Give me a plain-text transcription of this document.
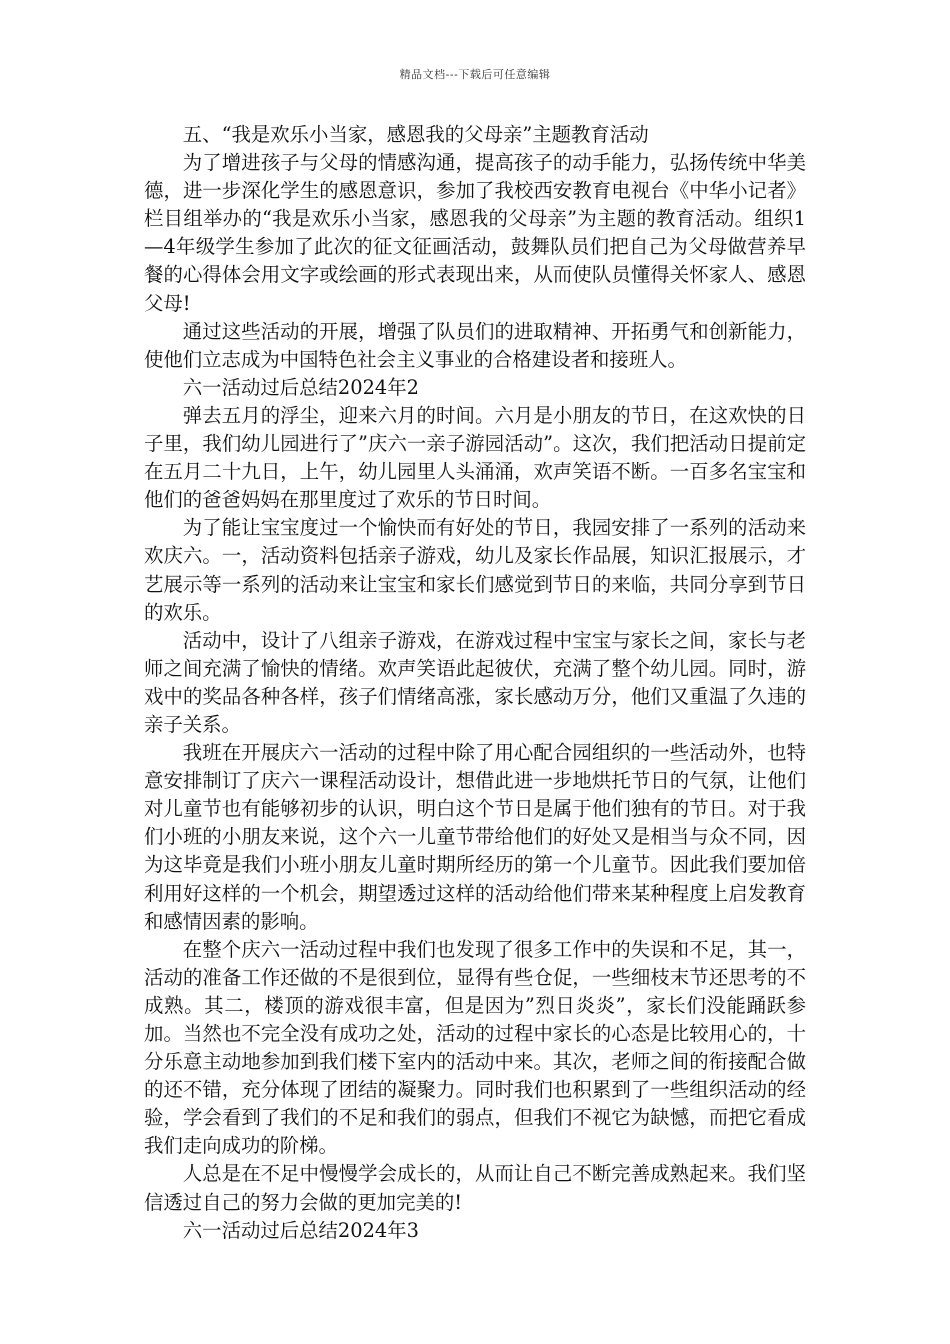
精品文档---下载后可任意编辑

五、“我是欢乐小当家，感恩我的父母亲”主题教育活动

为了增进孩子与父母的情感沟通，提高孩子的动手能力，弘扬传统中华美德，进一步深化学生的感恩意识，参加了我校西安教育电视台《中华小记者》栏目组举办的“我是欢乐小当家，感恩我的父母亲”为主题的教育活动。组织1—4年级学生参加了此次的征文征画活动，鼓舞队员们把自己为父母做营养早餐的心得体会用文字或绘画的形式表现出来，从而使队员懂得关怀家人、感恩父母!

通过这些活动的开展，增强了队员们的进取精神、开拓勇气和创新能力，使他们立志成为中国特色社会主义事业的合格建设者和接班人。

六一活动过后总结2024年2

弹去五月的浮尘，迎来六月的时间。六月是小朋友的节日，在这欢快的日子里，我们幼儿园进行了”庆六一亲子游园活动”。这次，我们把活动日提前定在五月二十九日，上午，幼儿园里人头涌涌，欢声笑语不断。一百多名宝宝和他们的爸爸妈妈在那里度过了欢乐的节日时间。

为了能让宝宝度过一个愉快而有好处的节日，我园安排了一系列的活动来欢庆六。一，活动资料包括亲子游戏，幼儿及家长作品展，知识汇报展示，才艺展示等一系列的活动来让宝宝和家长们感觉到节日的来临，共同分享到节日的欢乐。

活动中，设计了八组亲子游戏，在游戏过程中宝宝与家长之间，家长与老师之间充满了愉快的情绪。欢声笑语此起彼伏，充满了整个幼儿园。同时，游戏中的奖品各种各样，孩子们情绪高涨，家长感动万分，他们又重温了久违的亲子关系。

我班在开展庆六一活动的过程中除了用心配合园组织的一些活动外，也特意安排制订了庆六一课程活动设计，想借此进一步地烘托节日的气氛，让他们对儿童节也有能够初步的认识，明白这个节日是属于他们独有的节日。对于我们小班的小朋友来说，这个六一儿童节带给他们的好处又是相当与众不同，因为这毕竟是我们小班小朋友儿童时期所经历的第一个儿童节。因此我们要加倍利用好这样的一个机会，期望透过这样的活动给他们带来某种程度上启发教育和感情因素的影响。

在整个庆六一活动过程中我们也发现了很多工作中的失误和不足，其一，活动的准备工作还做的不是很到位，显得有些仓促，一些细枝末节还思考的不成熟。其二，楼顶的游戏很丰富，但是因为”烈日炎炎”，家长们没能踊跃参加。当然也不完全没有成功之处，活动的过程中家长的心态是比较用心的，十分乐意主动地参加到我们楼下室内的活动中来。其次，老师之间的衔接配合做的还不错，充分体现了团结的凝聚力。同时我们也积累到了一些组织活动的经验，学会看到了我们的不足和我们的弱点，但我们不视它为缺憾，而把它看成我们走向成功的阶梯。

人总是在不足中慢慢学会成长的，从而让自己不断完善成熟起来。我们坚信透过自己的努力会做的更加完美的!

六一活动过后总结2024年3
